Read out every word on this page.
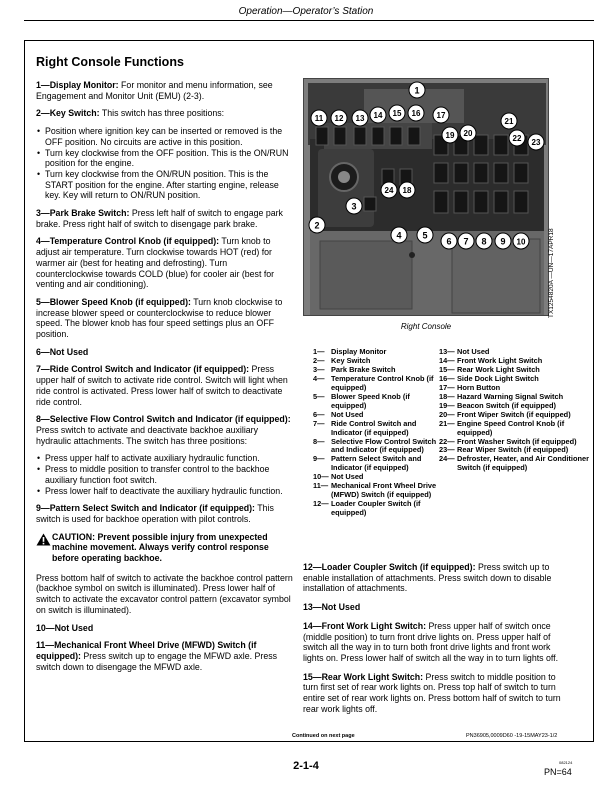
Operation—Operator’s Station
Right Console Functions

1—Display Monitor: For monitor and menu information, see Engagement and Monitor Unit (EMU) (2-3).

2—Key Switch: This switch has three positions:

• Position where ignition key can be inserted or removed is the OFF position. No circuits are active in this position.
• Turn key clockwise from the OFF position. This is the ON/RUN position for the engine.
• Turn key clockwise from the ON/RUN position. This is the START position for the engine. After starting engine, release key. Key will return to ON/RUN position.

3—Park Brake Switch: Press left half of switch to engage park brake. Press right half of switch to disengage park brake.

4—Temperature Control Knob (if equipped): Turn knob to adjust air temperature. Turn clockwise towards HOT (red) for warmer air (best for heating and defrosting). Turn counterclockwise towards COLD (blue) for cooler air (best for venting and air conditioning).

5—Blower Speed Knob (if equipped): Turn knob clockwise to increase blower speed or counterclockwise to reduce blower speed. The blower knob has four speed settings plus an OFF position.

6—Not Used

7—Ride Control Switch and Indicator (if equipped): Press upper half of switch to activate ride control. Switch will light when ride control is activated. Press lower half of switch to deactivate ride control.

8—Selective Flow Control Switch and Indicator (if equipped): Press switch to activate and deactivate backhoe auxiliary hydraulic attachments. The switch has three positions:

• Press upper half to activate auxiliary hydraulic function.
• Press to middle position to transfer control to the backhoe auxiliary function foot switch.
• Press lower half to deactivate the auxiliary hydraulic function.

9—Pattern Select Switch and Indicator (if equipped): This switch is used for backhoe operation with pilot controls.

CAUTION: Prevent possible injury from unexpected machine movement. Always verify control response before operating backhoe.

Press bottom half of switch to activate the backhoe control pattern (backhoe symbol on switch is illuminated). Press lower half of switch to activate the excavator control pattern (excavator symbol on switch is illuminated).

10—Not Used

11—Mechanical Front Wheel Drive (MFWD) Switch (if equipped): Press switch up to engage the MFWD axle. Press switch down to disengage the MFWD axle.

1
2
3
4 5
6 7 8 9 10
11 12 13 14 15 16 17
18
19 20
21
22 23
24
TX1254820A —UN—17APR18
Right Console
1— Display Monitor
2— Key Switch
3— Park Brake Switch
4— Temperature Control Knob (if equipped)
5— Blower Speed Knob (if equipped)
6— Not Used
7— Ride Control Switch and Indicator (if equipped)
8— Selective Flow Control Switch and Indicator (if equipped)
9— Pattern Select Switch and Indicator (if equipped)
10— Not Used
11— Mechanical Front Wheel Drive (MFWD) Switch (if equipped)
12— Loader Coupler Switch (if equipped)
13— Not Used
14— Front Work Light Switch
15— Rear Work Light Switch
16— Side Dock Light Switch
17— Horn Button
18— Hazard Warning Signal Switch
19— Beacon Switch (if equipped)
20— Front Wiper Switch (if equipped)
21— Engine Speed Control Knob (if equipped)
22— Front Washer Switch (if equipped)
23— Rear Wiper Switch (if equipped)
24— Defroster, Heater, and Air Conditioner Switch (if equipped)

12—Loader Coupler Switch (if equipped): Press switch up to enable installation of attachments. Press switch down to disable installation of attachments.

13—Not Used

14—Front Work Light Switch: Press upper half of switch once (middle position) to turn front drive lights on. Press upper half of switch all the way in to turn both front drive lights and front work lights on. Press lower half of switch all the way in to turn lights off.

15—Rear Work Light Switch: Press switch to middle position to turn first set of rear work lights on. Press top half of switch to turn entire set of rear work lights on. Press bottom half of switch to turn rear work lights off.

Continued on next page	PN36905,0009D60 -19-15MAY23-1/2
2-1-4	082124
PN=64
